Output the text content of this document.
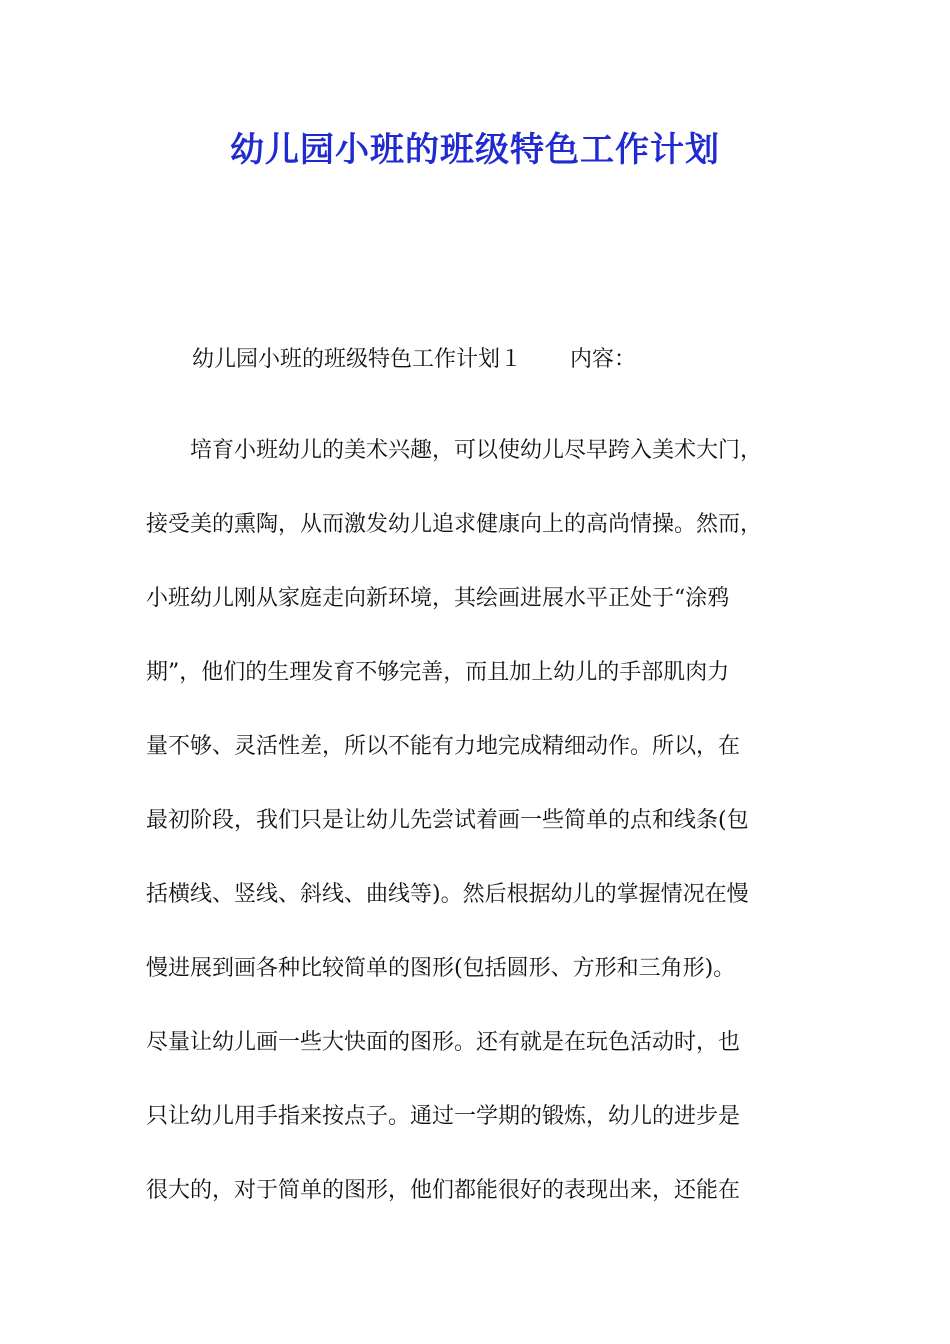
幼儿园小班的班级特色工作计划
幼儿园小班的班级特色工作计划１ 内容：

　　培育小班幼儿的美术兴趣，可以使幼儿尽早跨入美术大门，
接受美的熏陶，从而激发幼儿追求健康向上的高尚情操。然而，
小班幼儿刚从家庭走向新环境，其绘画进展水平正处于“涂鸦
期”，他们的生理发育不够完善，而且加上幼儿的手部肌肉力
量不够、灵活性差，所以不能有力地完成精细动作。所以，在
最初阶段，我们只是让幼儿先尝试着画一些简单的点和线条(包
括横线、竖线、斜线、曲线等)。然后根据幼儿的掌握情况在慢
慢进展到画各种比较简单的图形(包括圆形、方形和三角形)。
尽量让幼儿画一些大快面的图形。还有就是在玩色活动时，也
只让幼儿用手指来按点子。通过一学期的锻炼，幼儿的进步是
很大的，对于简单的图形，他们都能很好的表现出来，还能在
